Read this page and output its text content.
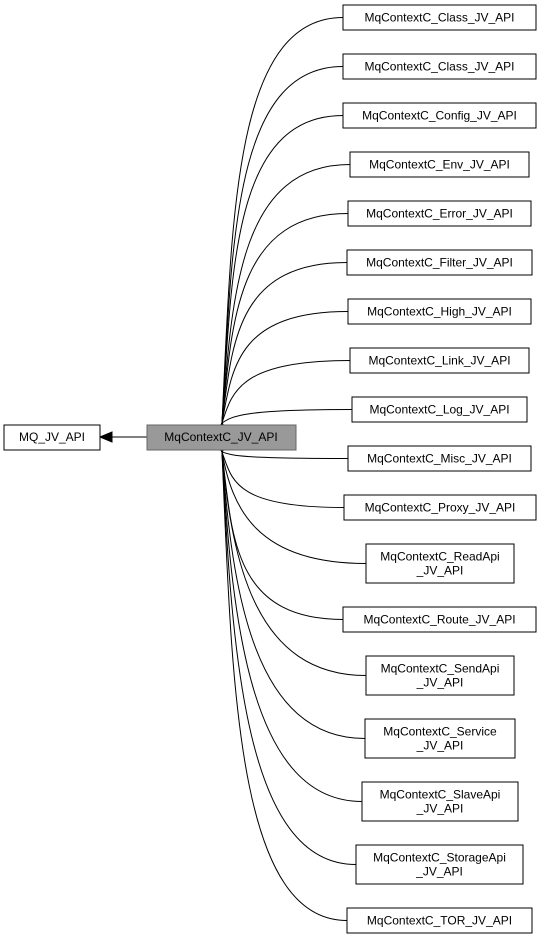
MQ_JV_API	MqContextC_JV_API
MqContextC_Class_JV_API
MqContextC_Class_JV_API
MqContextC_Config_JV_API
MqContextC_Env_JV_API
MqContextC_Error_JV_API
MqContextC_Filter_JV_API
MqContextC_High_JV_API
MqContextC_Link_JV_API
MqContextC_Log_JV_API
MqContextC_Misc_JV_API
MqContextC_Proxy_JV_API
MqContextC_ReadApi
_JV_API
MqContextC_Route_JV_API
MqContextC_SendApi
_JV_API
MqContextC_Service
_JV_API
MqContextC_SlaveApi
_JV_API
MqContextC_StorageApi
_JV_API
MqContextC_TOR_JV_API
